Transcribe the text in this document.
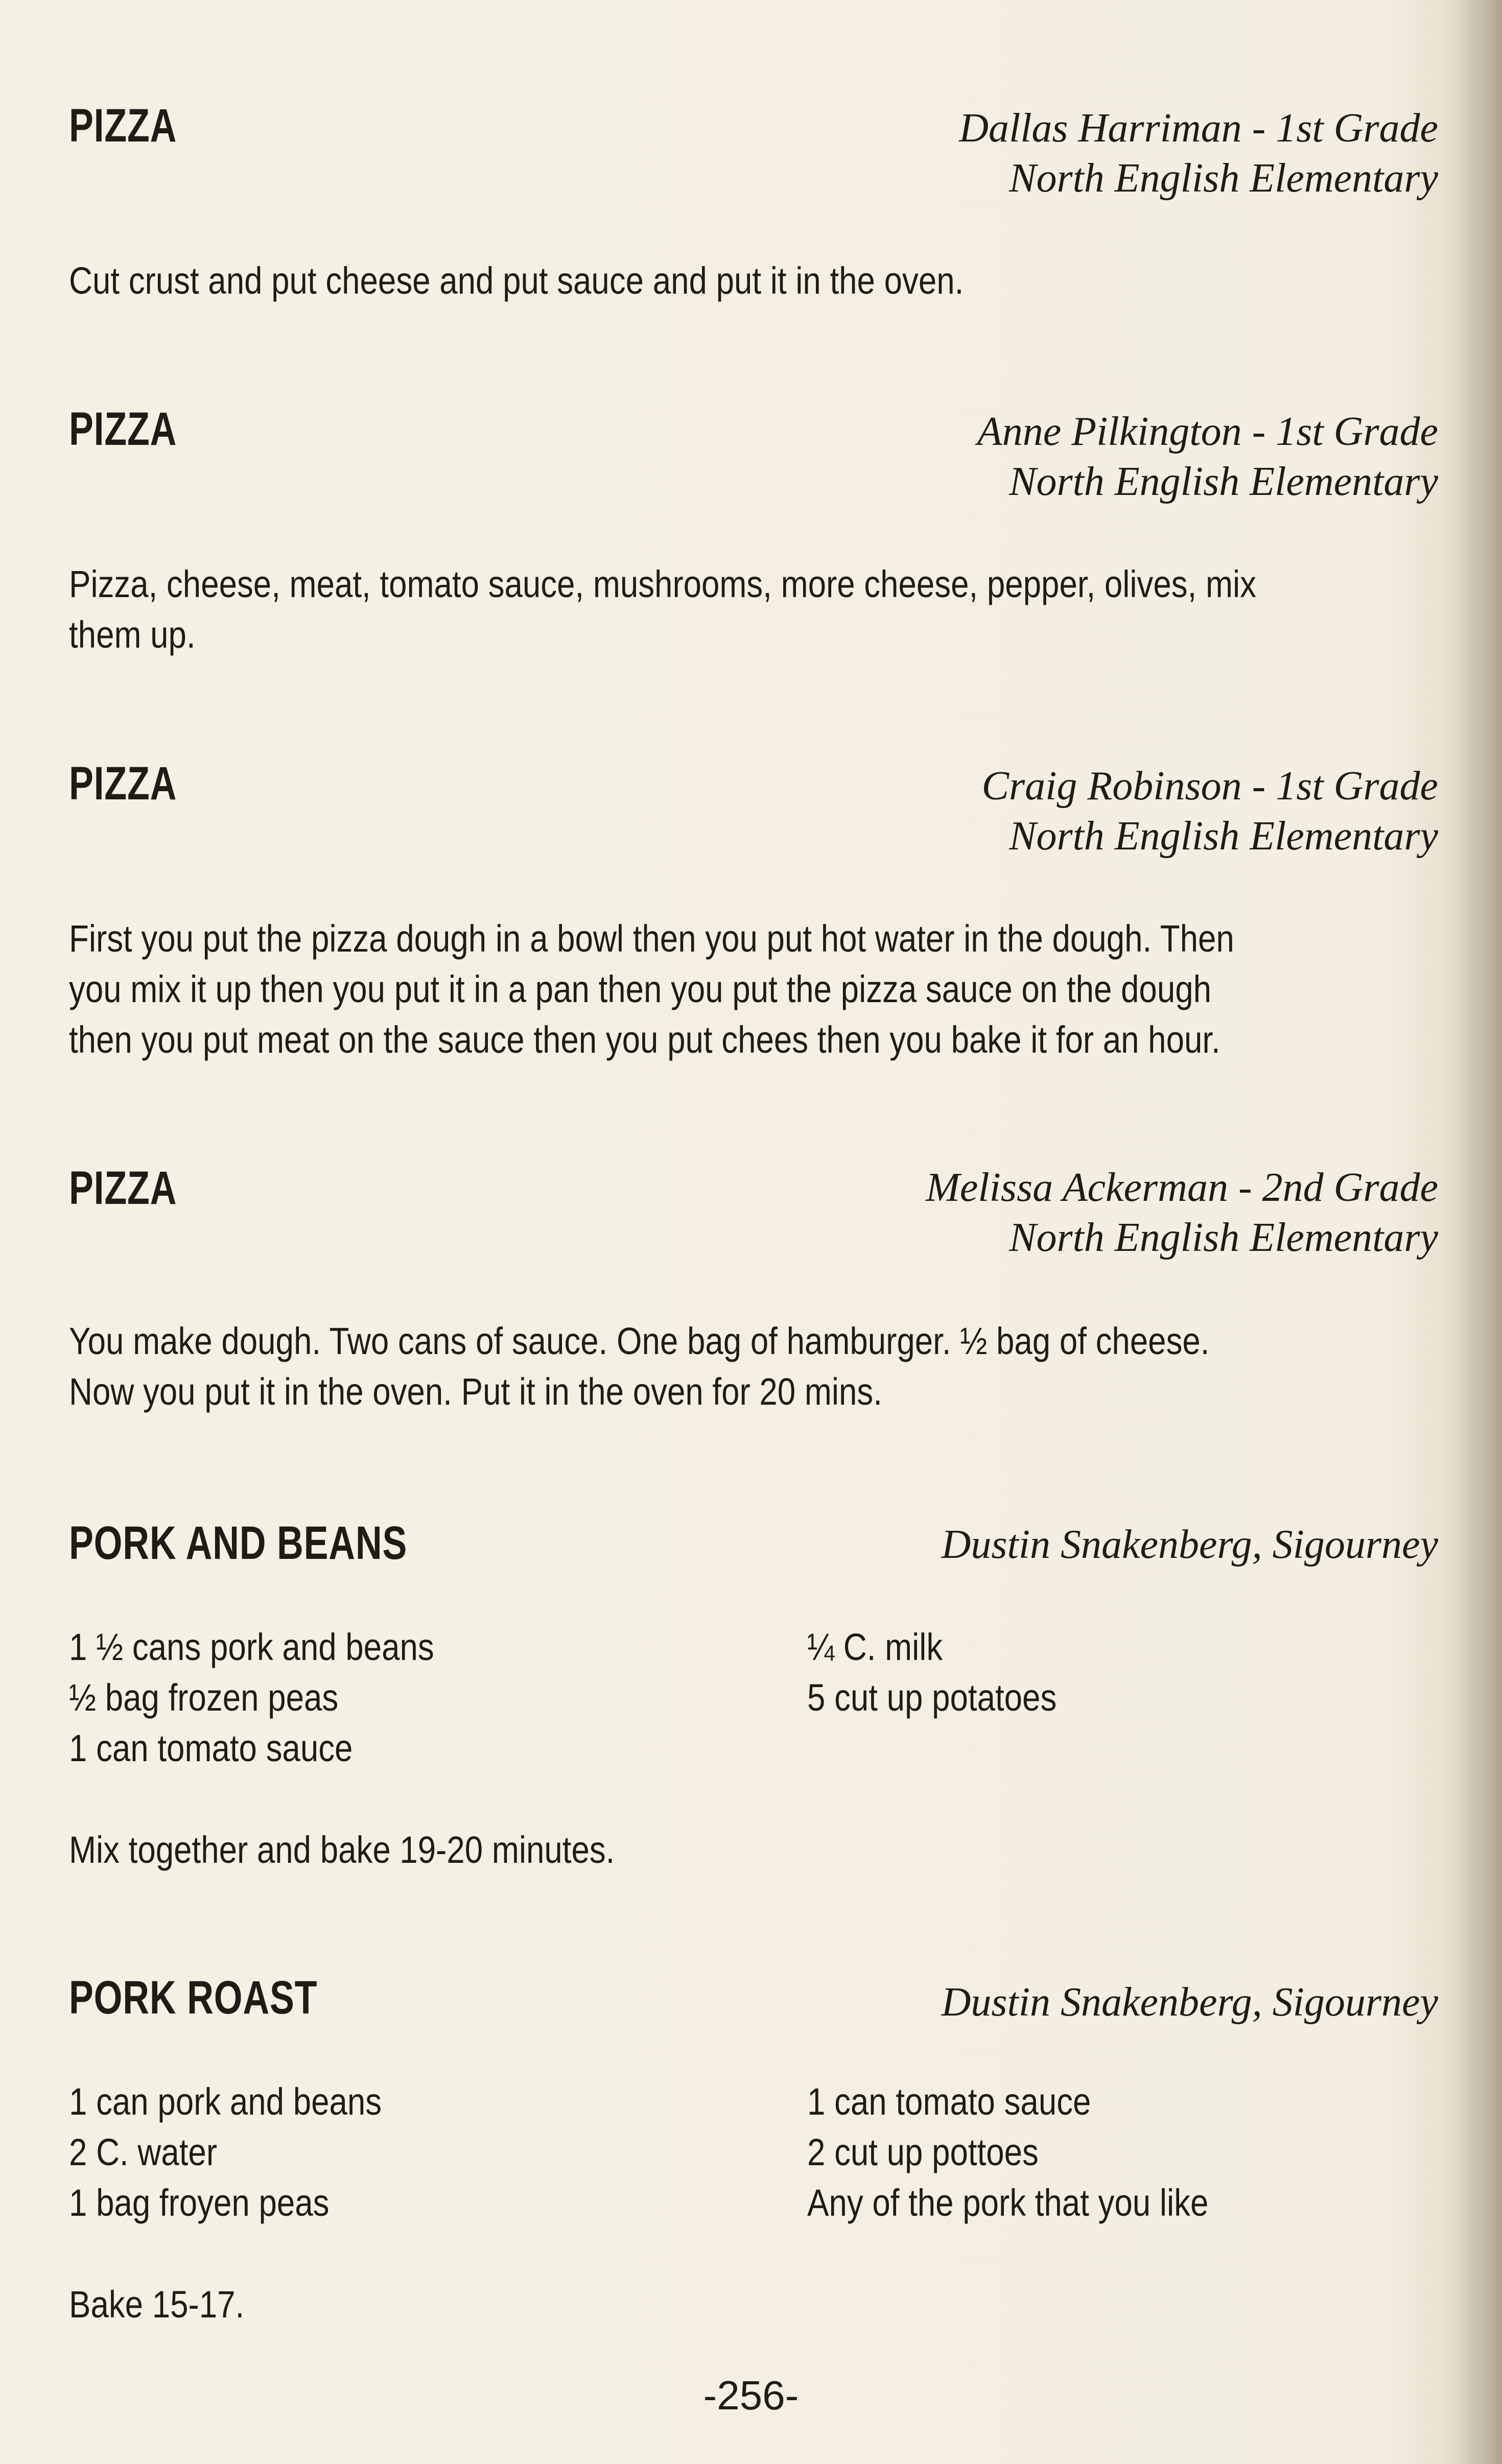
PIZZA	Dallas Harriman - 1st Grade
North English Elementary
Cut crust and put cheese and put sauce and put it in the oven.
PIZZA	Anne Pilkington - 1st Grade
North English Elementary
Pizza, cheese, meat, tomato sauce, mushrooms, more cheese, pepper, olives, mix them up.
PIZZA	Craig Robinson - 1st Grade
North English Elementary
First you put the pizza dough in a bowl then you put hot water in the dough. Then you mix it up then you put it in a pan then you put the pizza sauce on the dough then you put meat on the sauce then you put chees then you bake it for an hour.
PIZZA	Melissa Ackerman - 2nd Grade
North English Elementary
You make dough. Two cans of sauce. One bag of hamburger. ½ bag of cheese. Now you put it in the oven. Put it in the oven for 20 mins.
PORK AND BEANS	Dustin Snakenberg, Sigourney
1 ½ cans pork and beans
½ bag frozen peas
1 can tomato sauce
¼ C. milk
5 cut up potatoes
Mix together and bake 19-20 minutes.
PORK ROAST	Dustin Snakenberg, Sigourney
1 can pork and beans
2 C. water
1 bag froyen peas
1 can tomato sauce
2 cut up pottoes
Any of the pork that you like
Bake 15-17.
-256-
